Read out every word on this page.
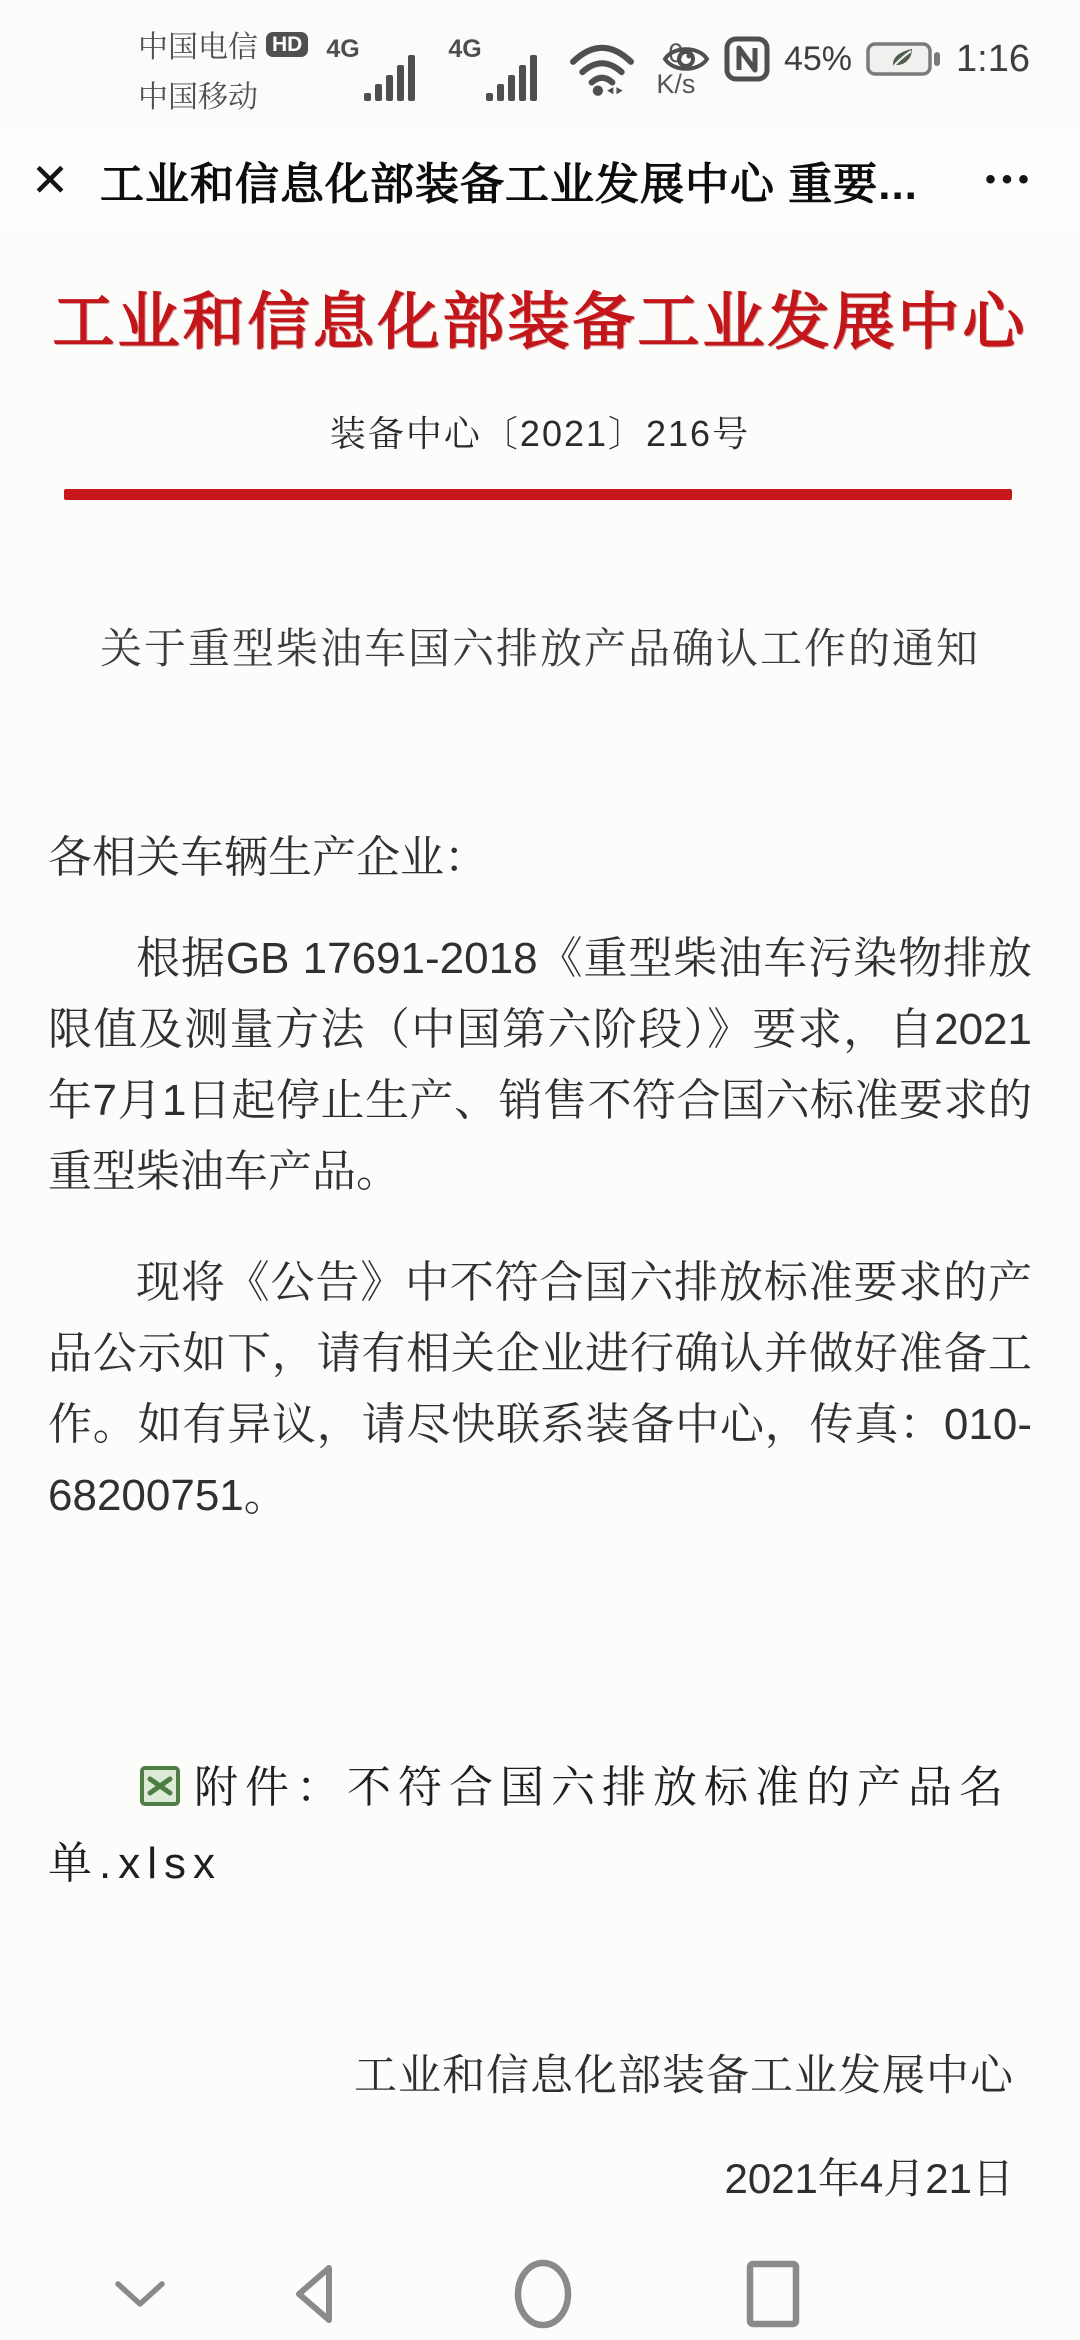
中国电信 HD
中国移动
4G	4G	0
K/s
45%	1:16
✕ 工业和信息化部装备工业发展中心 重要...	•••
工业和信息化部装备工业发展中心
装备中心〔2021〕216号
关于重型柴油车国六排放产品确认工作的通知
各相关车辆生产企业：
根据GB 17691-2018《重型柴油车污染物排放限值及测量方法（中国第六阶段）》要求，自2021年7月1日起停止生产、销售不符合国六标准要求的重型柴油车产品。
现将《公告》中不符合国六排放标准要求的产品公示如下，请有相关企业进行确认并做好准备工作。如有异议，请尽快联系装备中心，传真：010-68200751。
附件：不符合国六排放标准的产品名单.xlsx
工业和信息化部装备工业发展中心
2021年4月21日
